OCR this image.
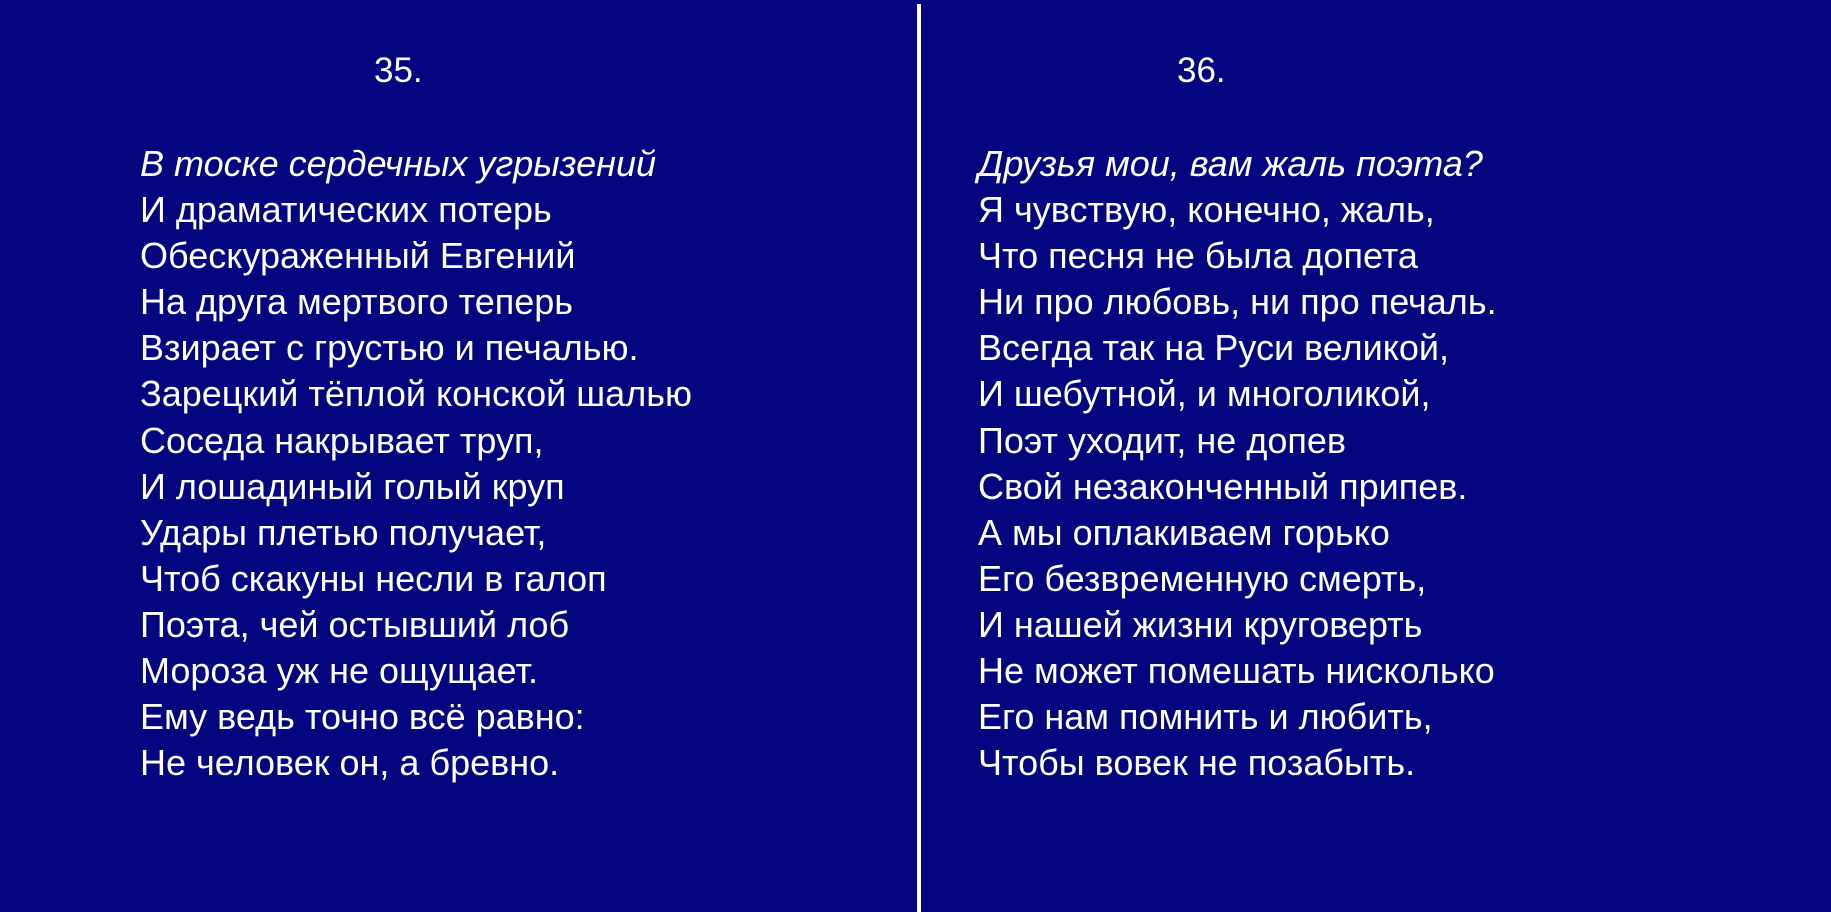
35.
В тоске сердечных угрызений
И драматических потерь
Обескураженный Евгений
На друга мертвого теперь
Взирает с грустью и печалью.
Зарецкий тёплой конской шалью
Соседа накрывает труп,
И лошадиный голый круп
Удары плетью получает,
Чтоб скакуны несли в галоп
Поэта, чей остывший лоб
Мороза уж не ощущает.
Ему ведь точно всё равно:
Не человек он, а бревно.
36.
Друзья мои, вам жаль поэта?
Я чувствую, конечно, жаль,
Что песня не была допета
Ни про любовь, ни про печаль.
Всегда так на Руси великой,
И шебутной, и многоликой,
Поэт уходит, не допев
Свой незаконченный припев.
А мы оплакиваем горько
Его безвременную смерть,
И нашей жизни круговерть
Не может помешать нисколько
Его нам помнить и любить,
Чтобы вовек не позабыть.
